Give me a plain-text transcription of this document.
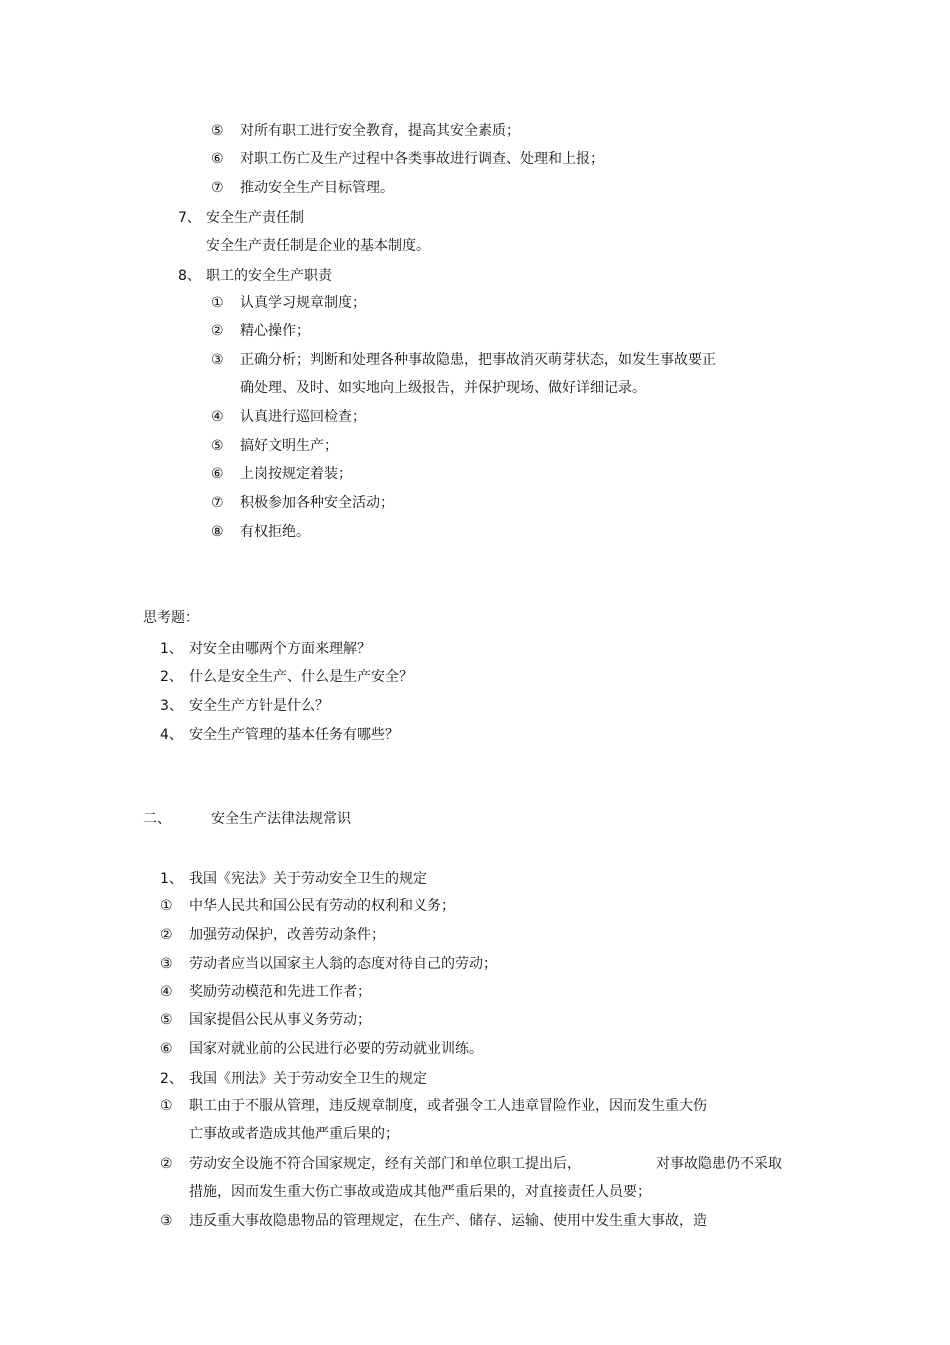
⑤ 对所有职工进行安全教育，提高其安全素质；
⑥ 对职工伤亡及生产过程中各类事故进行调查、处理和上报；
⑦ 推动安全生产目标管理。
7、 安全生产责任制
安全生产责任制是企业的基本制度。
8、 职工的安全生产职责
① 认真学习规章制度；
② 精心操作；
③ 正确分析；判断和处理各种事故隐患，把事故消灭萌芽状态，如发生事故要正
确处理、及时、如实地向上级报告，并保护现场、做好详细记录。
④ 认真进行巡回检查；
⑤ 搞好文明生产；
⑥ 上岗按规定着装；
⑦ 积极参加各种安全活动；
⑧ 有权拒绝。
思考题：
1、 对安全由哪两个方面来理解？
2、 什么是安全生产、什么是生产安全？
3、 安全生产方针是什么？
4、 安全生产管理的基本任务有哪些？
二、	安全生产法律法规常识
1、 我国《宪法》关于劳动安全卫生的规定
① 中华人民共和国公民有劳动的权利和义务；
② 加强劳动保护，改善劳动条件；
③ 劳动者应当以国家主人翁的态度对待自己的劳动；
④ 奖励劳动模范和先进工作者；
⑤ 国家提倡公民从事义务劳动；
⑥ 国家对就业前的公民进行必要的劳动就业训练。
2、 我国《刑法》关于劳动安全卫生的规定
① 职工由于不服从管理，违反规章制度，或者强令工人违章冒险作业，因而发生重大伤
亡事故或者造成其他严重后果的；
② 劳动安全设施不符合国家规定，经有关部门和单位职工提出后，	对事故隐患仍不采取
措施，因而发生重大伤亡事故或造成其他严重后果的，对直接责任人员要；
③ 违反重大事故隐患物品的管理规定，在生产、储存、运输、使用中发生重大事故，造
